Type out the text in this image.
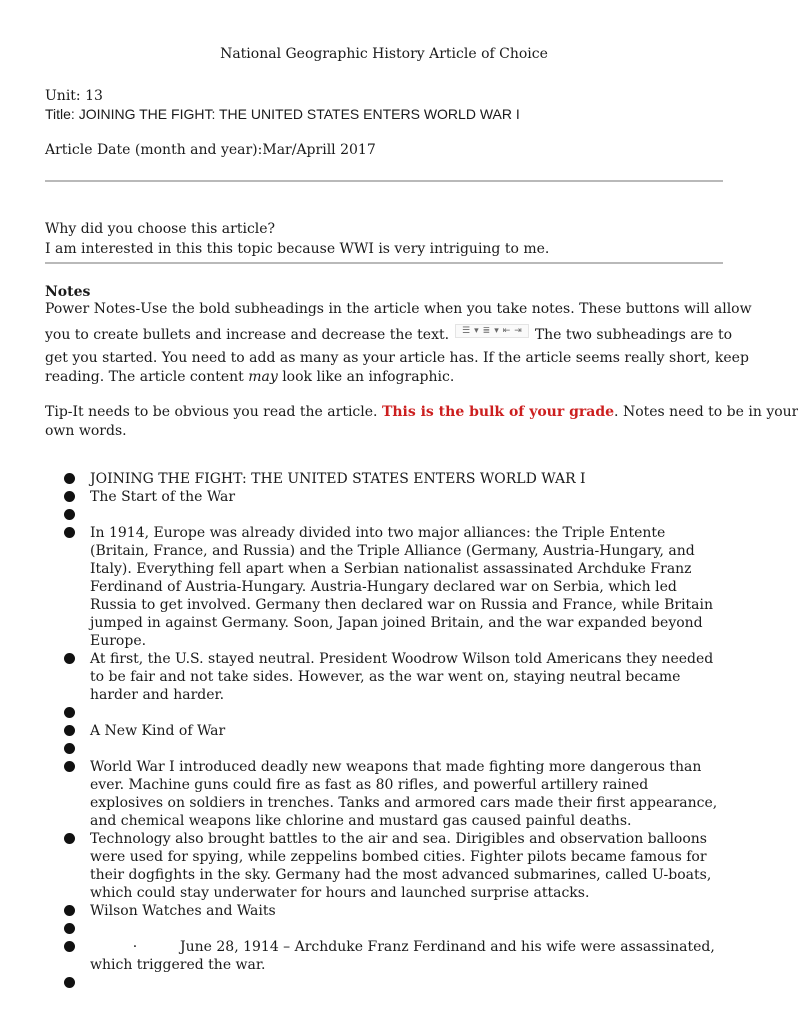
National Geographic History Article of Choice
Unit: 13
Title: JOINING THE FIGHT: THE UNITED STATES ENTERS WORLD WAR I
Article Date (month and year):Mar/Aprill 2017
Why did you choose this article?
I am interested in this this topic because WWI is very intriguing to me.
Notes
Power Notes-Use the bold subheadings in the article when you take notes. These buttons will allow
you to create bullets and increase and decrease the text. ☰ ▾ ≣ ▾ ⇤ ⇥ The two subheadings are to
get you started. You need to add as many as your article has. If the article seems really short, keep
reading. The article content may look like an infographic.
Tip-It needs to be obvious you read the article. This is the bulk of your grade. Notes need to be in your
own words.
JOINING THE FIGHT: THE UNITED STATES ENTERS WORLD WAR I
The Start of the War
In 1914, Europe was already divided into two major alliances: the Triple Entente (Britain, France, and Russia) and the Triple Alliance (Germany, Austria-Hungary, and Italy). Everything fell apart when a Serbian nationalist assassinated Archduke Franz Ferdinand of Austria-Hungary. Austria-Hungary declared war on Serbia, which led Russia to get involved. Germany then declared war on Russia and France, while Britain jumped in against Germany. Soon, Japan joined Britain, and the war expanded beyond Europe.
At first, the U.S. stayed neutral. President Woodrow Wilson told Americans they needed to be fair and not take sides. However, as the war went on, staying neutral became harder and harder.
A New Kind of War
World War I introduced deadly new weapons that made fighting more dangerous than ever. Machine guns could fire as fast as 80 rifles, and powerful artillery rained explosives on soldiers in trenches. Tanks and armored cars made their first appearance, and chemical weapons like chlorine and mustard gas caused painful deaths.
Technology also brought battles to the air and sea. Dirigibles and observation balloons were used for spying, while zeppelins bombed cities. Fighter pilots became famous for their dogfights in the sky. Germany had the most advanced submarines, called U-boats, which could stay underwater for hours and launched surprise attacks.
Wilson Watches and Waits
·	June 28, 1914 – Archduke Franz Ferdinand and his wife were assassinated, which triggered the war.
